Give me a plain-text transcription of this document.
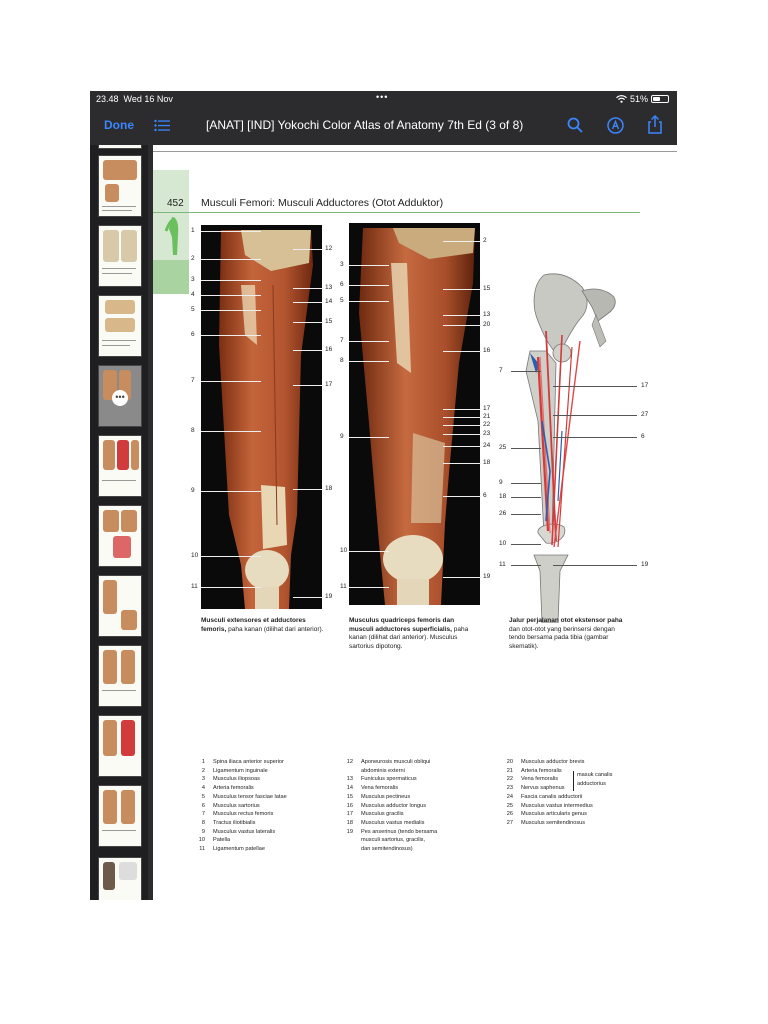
23.48 Wed 16 Nov	•••	51%
Done	[ANAT] [IND] Yokochi Color Atlas of Anatomy 7th Ed (3 of 8)
•••
452 Musculi Femori: Musculi Adductores (Otot Adduktor)
Musculi extensores et adductores femoris, paha kanan (dilihat dari anterior).
Musculus quadriceps femoris dan musculi adductores superficialis, paha kanan (dilihat dari anterior). Musculus sartorius dipotong.
Jalur perjalanan otot ekstensor paha dan otot-otot yang berinsersi dengan tendo bersama pada tibia (gambar skematik).
1
2
3
4
5
6
7
8
9
10
11
12
13
14
15
16
17
18
19
3
6
5
7
8
9
10
11
2
15
13
20
16
17
21
22
23
24
18
6
19
7
25
9
18
26
10
11
17
27
6
19
1 Spina iliaca anterior superior
2 Ligamentum inguinale
3 Musculus iliopsoas
4 Arteria femoralis
5 Musculus tensor fasciae latae
6 Musculus sartorius
7 Musculus rectus femoris
8 Tractus iliotibialis
9 Musculus vastus lateralis
10 Patella
11 Ligamentum patellae
12 Aponeurosis musculi obliqui
abdominis externi
13 Funiculus spermaticus
14 Vena femoralis
15 Musculus pectineus
16 Musculus adductor longus
17 Musculus gracilis
18 Musculus vastus medialis
19 Pes anserinus (tendo bersama
musculi sartorius, gracilis,
dan semitendinosus)
20 Musculus adductor brevis
21 Arteria femoralis
22 Vena femoralis
23 Nervus saphenus
24 Fascia canalis adductorii
25 Musculus vastus intermedius
26 Musculus articularis genus
27 Musculus semitendinosus
masuk canalis
adductorius
